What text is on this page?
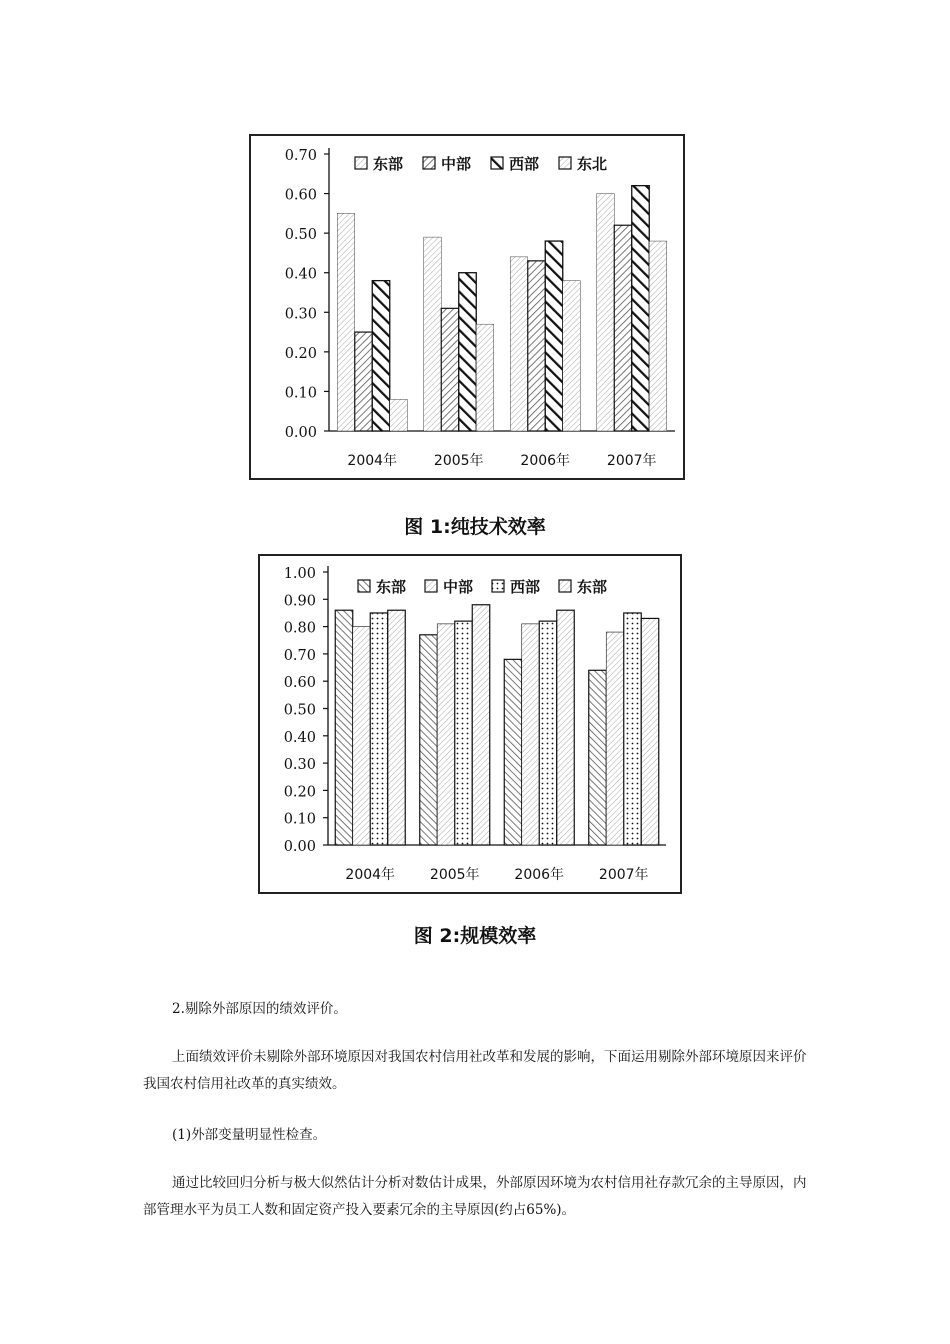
0.00
0.10
0.20
0.30
0.40
0.50
0.60
0.70
2004年	2005年	2006年	2007年
东部	中部	西部	东北
图 1:纯技术效率
0.00
0.10
0.20
0.30
0.40
0.50
0.60
0.70
0.80
0.90
1.00
2004年 2005年 2006年 2007年
东部 中部 西部 东部
图 2:规模效率
2.剔除外部原因的绩效评价。
上面绩效评价未剔除外部环境原因对我国农村信用社改革和发展的影响，下面运用剔除外部环境原因来评价我国农村信用社改革的真实绩效。
(1)外部变量明显性检查。
通过比较回归分析与极大似然估计分析对数估计成果，外部原因环境为农村信用社存款冗余的主导原因，内部管理水平为员工人数和固定资产投入要素冗余的主导原因(约占65%)。
